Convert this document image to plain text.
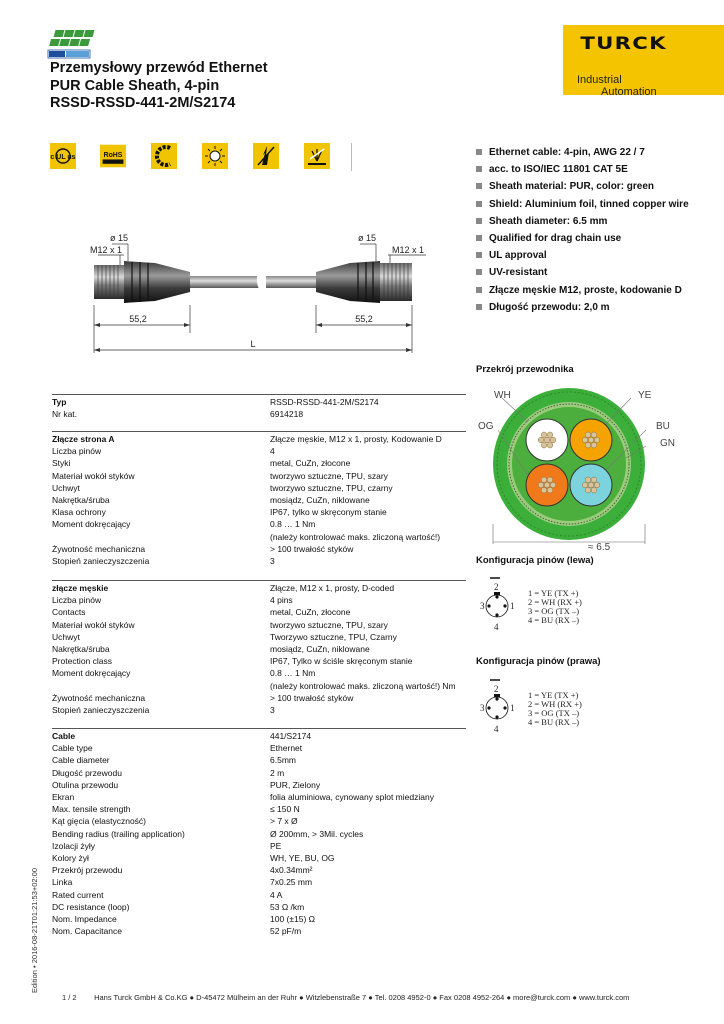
TURCK
Industrial
Automation
Przemysłowy przewód Ethernet
PUR Cable Sheath, 4-pin
RSSD-RSSD-441-2M/S2174
c UL us	RoHS	Ethernet cable: 4-pin, AWG 22 / 7
acc. to ISO/IEC 11801 CAT 5E
Sheath material: PUR, color: green
Shield: Aluminium foil, tinned copper wire
Sheath diameter: 6.5 mm
Qualified for drag chain use
UL approval
UV-resistant
Złącze męskie M12, proste, kodowanie D
Długość przewodu: 2,0 m
ø 15
M12 x 1
ø 15
M12 x 1
55,2	55,2
L
Przekrój przewodnika
WH	YE
OG	BU
GN
≈ 6.5
Konfiguracja pinów (lewa)
2
3	1
4
1 = YE (TX +)
2 = WH (RX +)
3 = OG (TX –)
4 = BU (RX –)
Konfiguracja pinów (prawa)
2
3	1
4
1 = YE (TX +)
2 = WH (RX +)
3 = OG (TX –)
4 = BU (RX –)
Typ	RSSD-RSSD-441-2M/S2174
Nr kat.	6914218
Złącze strona A	Złącze męskie, M12 x 1, prosty, Kodowanie D
Liczba pinów	4
Styki	metal, CuZn, złocone
Materiał wokół styków	tworzywo sztuczne, TPU, szary
Uchwyt	tworzywo sztuczne, TPU, czarny
Nakrętka/śruba	mosiądz, CuZn, niklowane
Klasa ochrony	IP67, tylko w skręconym stanie
Moment dokręcający	0.8 … 1 Nm
(należy kontrolować maks. zliczoną wartość!)
Żywotność mechaniczna	> 100 trwałość styków
Stopień zanieczyszczenia	3
złącze męskie	Złącze, M12 x 1, prosty, D-coded
Liczba pinów	4 pins
Contacts	metal, CuZn, złocone
Materiał wokół styków	tworzywo sztuczne, TPU, szary
Uchwyt	Tworzywo sztuczne, TPU, Czarny
Nakrętka/śruba	mosiądz, CuZn, niklowane
Protection class	IP67, Tylko w ściśle skręconym stanie
Moment dokręcający	0.8 … 1 Nm
(należy kontrolować maks. zliczoną wartość!) Nm
Żywotność mechaniczna	> 100 trwałość styków
Stopień zanieczyszczenia	3
Cable	441/S2174
Cable type	Ethernet
Cable diameter	6.5mm
Długość przewodu	2 m
Otulina przewodu	PUR, Zielony
Ekran	folia aluminiowa, cynowany splot miedziany
Max. tensile strength	≤ 150 N
Kąt gięcia (elastyczność)	> 7 x Ø
Bending radius (trailing application)	Ø 200mm, > 3Mil. cycles
Izolacji żyły	PE
Kolory żył	WH, YE, BU, OG
Przekrój przewodu	4x0.34mm²
Linka	7x0.25 mm
Rated current	4 A
DC resistance (loop)	53 Ω /km
Nom. Impedance	100 (±15) Ω
Nom. Capacitance	52 pF/m
Edition • 2016-08-21T01:21:53+02:00
1 / 2 Hans Turck GmbH & Co.KG ● D-45472 Mülheim an der Ruhr ● Witzlebenstraße 7 ● Tel. 0208 4952-0 ● Fax 0208 4952-264 ● more@turck.com ● www.turck.com
